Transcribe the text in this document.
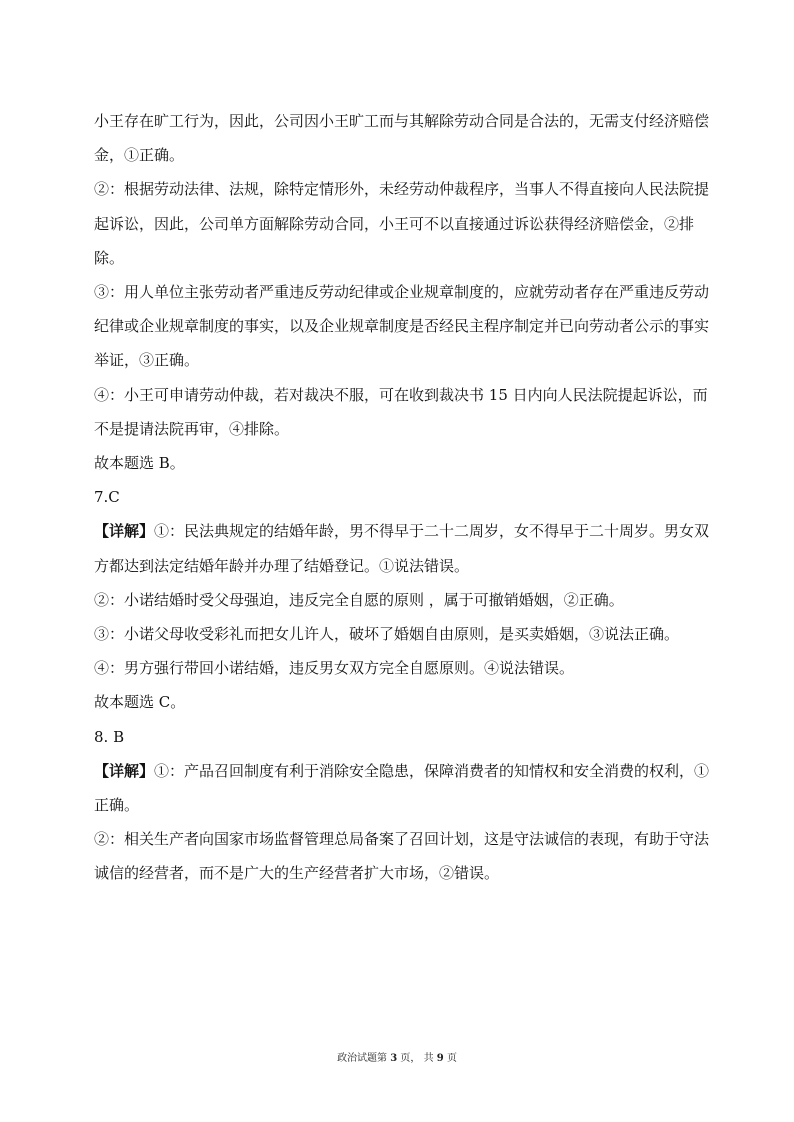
小王存在旷工行为，因此，公司因小王旷工而与其解除劳动合同是合法的，无需支付经济赔偿金，①正确。

②：根据劳动法律、法规，除特定情形外，未经劳动仲裁程序，当事人不得直接向人民法院提起诉讼，因此，公司单方面解除劳动合同，小王可不以直接通过诉讼获得经济赔偿金，②排除。

③：用人单位主张劳动者严重违反劳动纪律或企业规章制度的，应就劳动者存在严重违反劳动纪律或企业规章制度的事实，以及企业规章制度是否经民主程序制定并已向劳动者公示的事实举证，③正确。

④：小王可申请劳动仲裁，若对裁决不服，可在收到裁决书 15 日内向人民法院提起诉讼，而不是提请法院再审，④排除。

故本题选 B。

7.C

【详解】①：民法典规定的结婚年龄，男不得早于二十二周岁，女不得早于二十周岁。男女双方都达到法定结婚年龄并办理了结婚登记。①说法错误。

②：小诺结婚时受父母强迫，违反完全自愿的原则 ，属于可撤销婚姻，②正确。

③：小诺父母收受彩礼而把女儿许人，破坏了婚姻自由原则，是买卖婚姻，③说法正确。

④：男方强行带回小诺结婚，违反男女双方完全自愿原则。④说法错误。

故本题选 C。

8. B

【详解】①：产品召回制度有利于消除安全隐患，保障消费者的知情权和安全消费的权利，①正确。

②：相关生产者向国家市场监督管理总局备案了召回计划，这是守法诚信的表现，有助于守法诚信的经营者，而不是广大的生产经营者扩大市场，②错误。

政治试题第 3 页， 共 9 页
